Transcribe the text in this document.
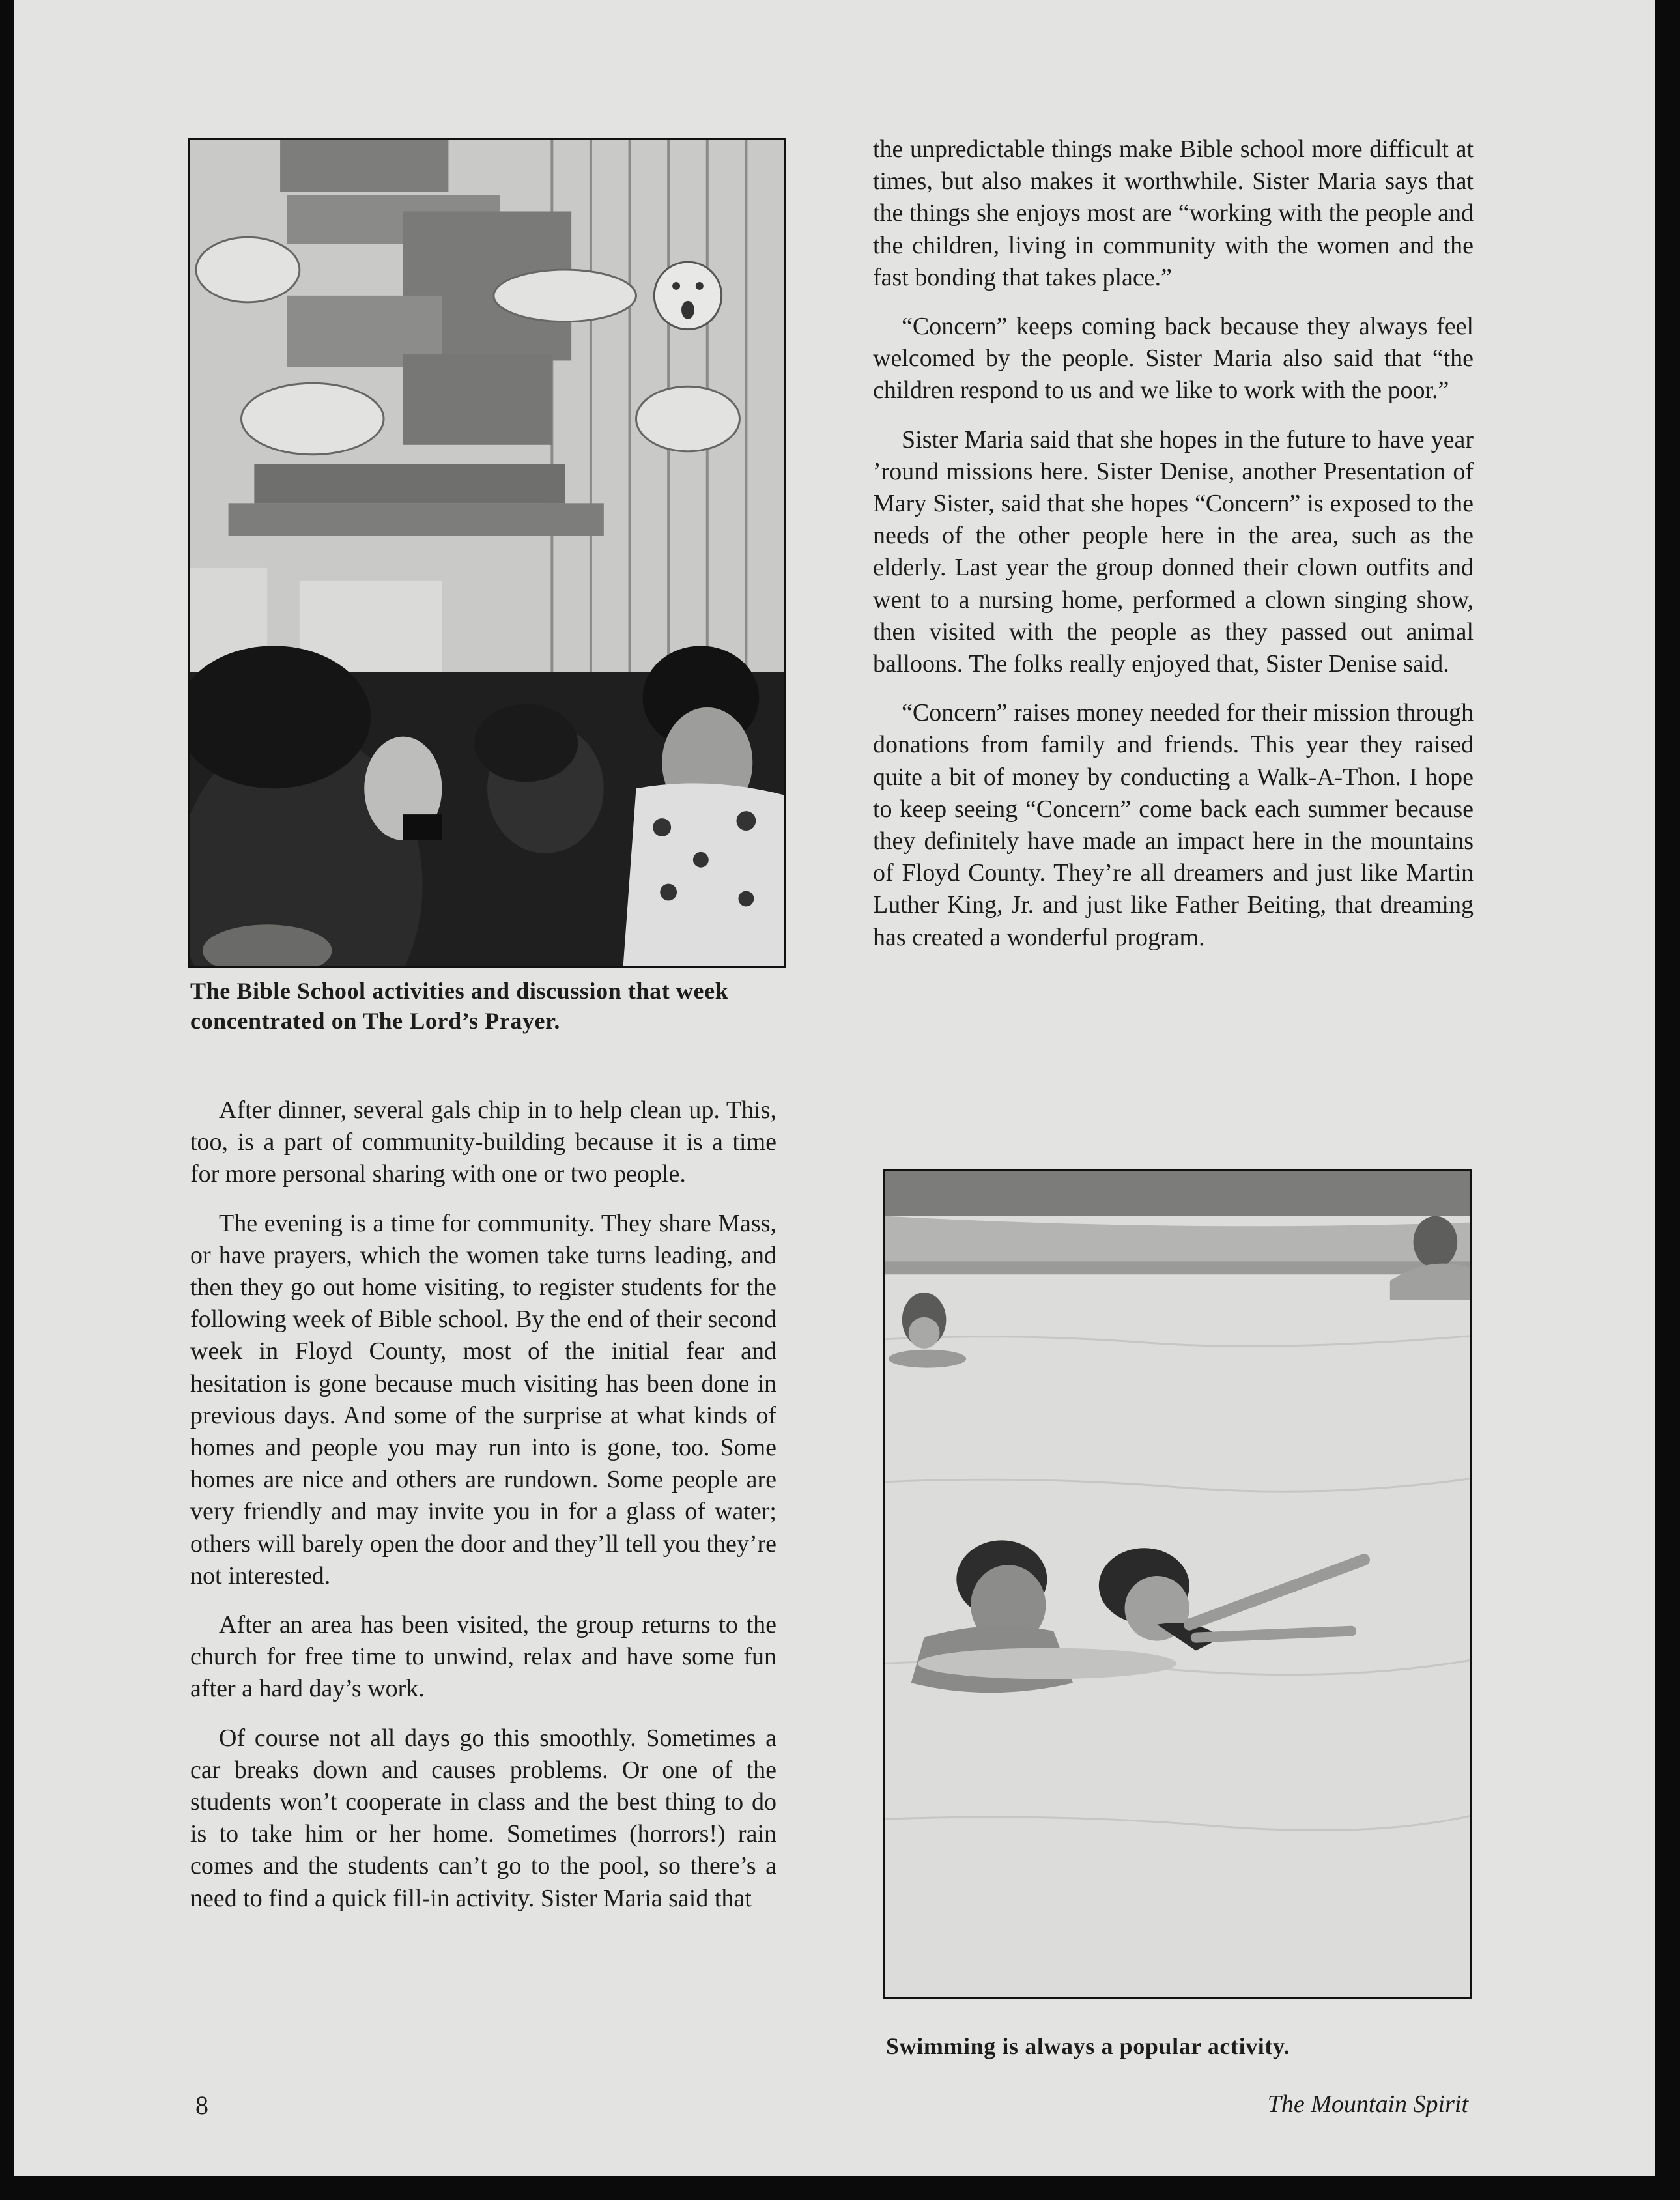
The Bible School activities and discussion that week concentrated on The Lord’s Prayer.

After dinner, several gals chip in to help clean up. This, too, is a part of community-building because it is a time for more personal sharing with one or two people.

The evening is a time for community. They share Mass, or have prayers, which the women take turns leading, and then they go out home visiting, to register students for the following week of Bible school. By the end of their second week in Floyd County, most of the initial fear and hesitation is gone because much visiting has been done in previous days. And some of the surprise at what kinds of homes and people you may run into is gone, too. Some homes are nice and others are rundown. Some people are very friendly and may invite you in for a glass of water; others will barely open the door and they’ll tell you they’re not interested.

After an area has been visited, the group returns to the church for free time to unwind, relax and have some fun after a hard day’s work.

Of course not all days go this smoothly. Sometimes a car breaks down and causes problems. Or one of the students won’t cooperate in class and the best thing to do is to take him or her home. Sometimes (horrors!) rain comes and the students can’t go to the pool, so there’s a need to find a quick fill-in activity. Sister Maria said that

the unpredictable things make Bible school more difficult at times, but also makes it worthwhile. Sister Maria says that the things she enjoys most are “working with the people and the children, living in community with the women and the fast bonding that takes place.”

“Concern” keeps coming back because they always feel welcomed by the people. Sister Maria also said that “the children respond to us and we like to work with the poor.”

Sister Maria said that she hopes in the future to have year ’round missions here. Sister Denise, another Presentation of Mary Sister, said that she hopes “Concern” is exposed to the needs of the other people here in the area, such as the elderly. Last year the group donned their clown outfits and went to a nursing home, performed a clown singing show, then visited with the people as they passed out animal balloons. The folks really enjoyed that, Sister Denise said.

“Concern” raises money needed for their mission through donations from family and friends. This year they raised quite a bit of money by conducting a Walk-A-Thon. I hope to keep seeing “Concern” come back each summer because they definitely have made an impact here in the mountains of Floyd County. They’re all dreamers and just like Martin Luther King, Jr. and just like Father Beiting, that dreaming has created a wonderful program.

Swimming is always a popular activity.
8	The Mountain Spirit
